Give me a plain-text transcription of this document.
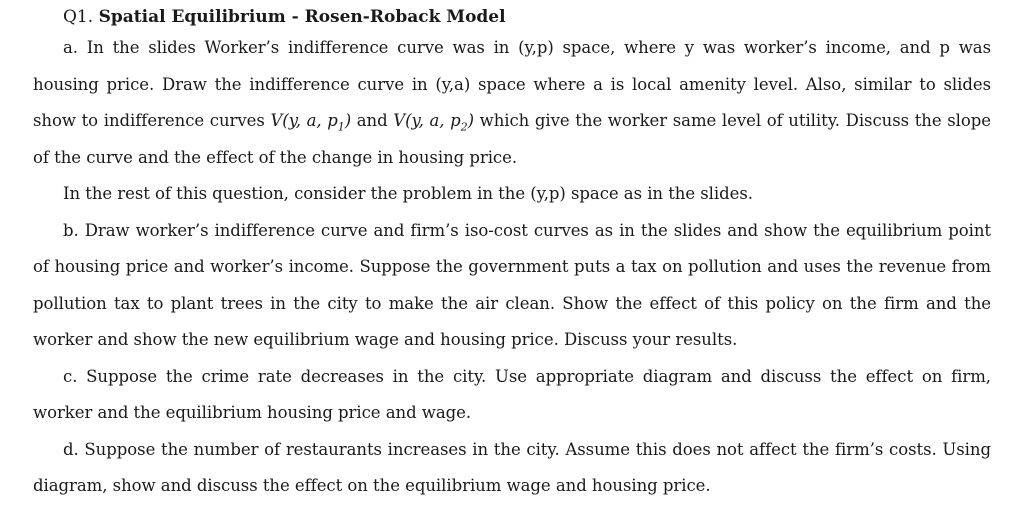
Q1. Spatial Equilibrium - Rosen-Roback Model

a. In the slides Worker’s indifference curve was in (y,p) space, where y was worker’s income, and p was housing price. Draw the indifference curve in (y,a) space where a is local amenity level. Also, similar to slides show to indifference curves V(y, a, $p_1$) and V(y, a, $p_2$) which give the worker same level of utility. Discuss the slope of the curve and the effect of the change in housing price.

In the rest of this question, consider the problem in the (y,p) space as in the slides.

b. Draw worker’s indifference curve and firm’s iso-cost curves as in the slides and show the equilibrium point of housing price and worker’s income. Suppose the government puts a tax on pollution and uses the revenue from pollution tax to plant trees in the city to make the air clean. Show the effect of this policy on the firm and the worker and show the new equilibrium wage and housing price. Discuss your results.

c. Suppose the crime rate decreases in the city. Use appropriate diagram and discuss the effect on firm, worker and the equilibrium housing price and wage.

d. Suppose the number of restaurants increases in the city. Assume this does not affect the firm’s costs. Using diagram, show and discuss the effect on the equilibrium wage and housing price.
